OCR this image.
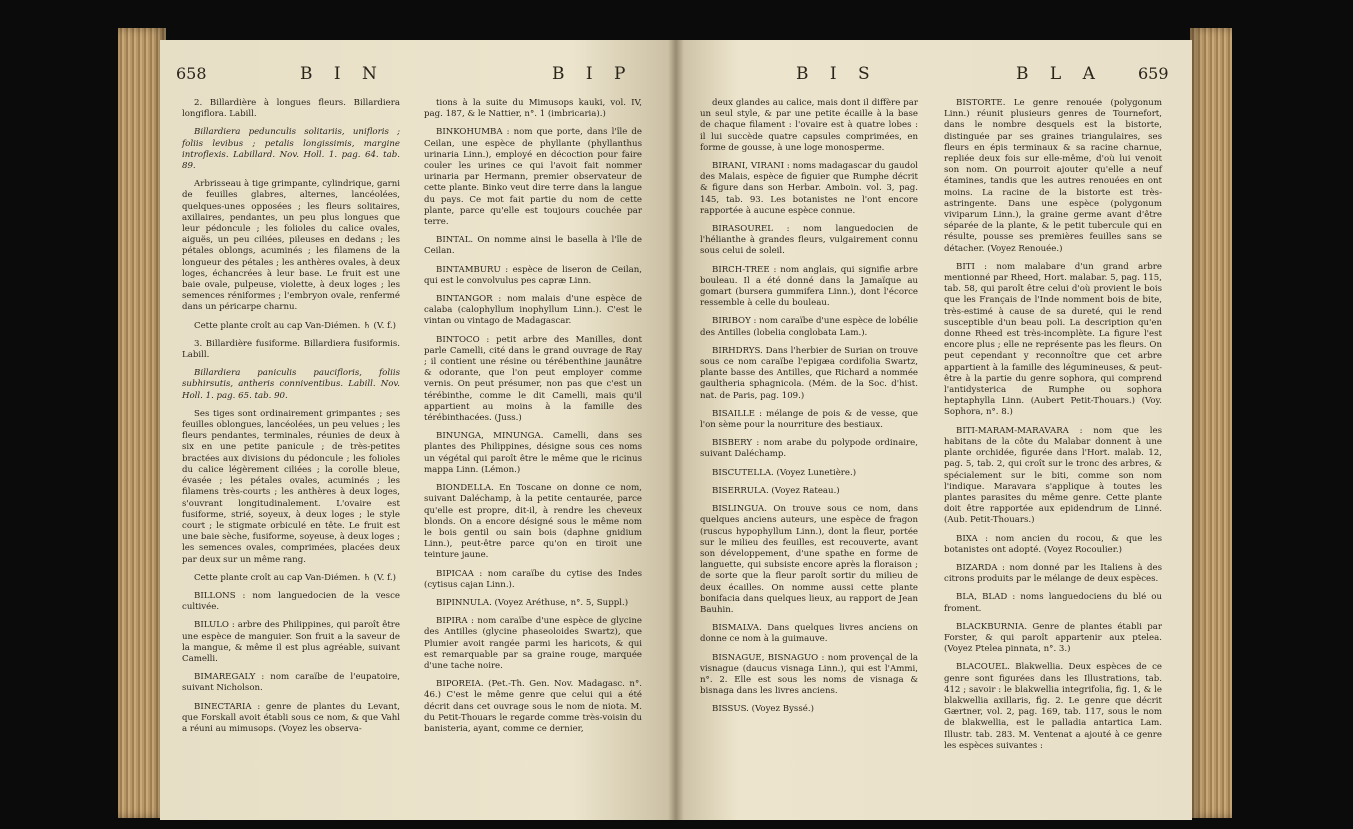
658	B I N	B I P

2. Billardière à longues fleurs. Billardiera longiflora. Labill.

Billardiera pedunculis solitariis, unifloris ; foliis levibus ; petalis longissimis, margine introflexis. Labillard. Nov. Holl. 1. pag. 64. tab. 89.

Arbrisseau à tige grimpante, cylindrique, garni de feuilles glabres, alternes, lancéolées, quelques-unes opposées ; les fleurs solitaires, axillaires, pendantes, un peu plus longues que leur pédoncule ; les folioles du calice ovales, aiguës, un peu ciliées, pileuses en dedans ; les pétales oblongs, acuminés ; les filamens de la longueur des pétales ; les anthères ovales, à deux loges, échancrées à leur base. Le fruit est une baie ovale, pulpeuse, violette, à deux loges ; les semences réniformes ; l'embryon ovale, renfermé dans un péricarpe charnu.

Cette plante croît au cap Van-Diémen. ♄ (V. f.)

3. Billardière fusiforme. Billardiera fusiformis. Labill.

Billardiera paniculis paucifloris, foliis subhirsutis, antheris conniventibus. Labill. Nov. Holl. 1. pag. 65. tab. 90.

Ses tiges sont ordinairement grimpantes ; ses feuilles oblongues, lancéolées, un peu velues ; les fleurs pendantes, terminales, réunies de deux à six en une petite panicule ; de très-petites bractées aux divisions du pédoncule ; les folioles du calice légèrement ciliées ; la corolle bleue, évasée ; les pétales ovales, acuminés ; les filamens très-courts ; les anthères à deux loges, s'ouvrant longitudinalement. L'ovaire est fusiforme, strié, soyeux, à deux loges ; le style court ; le stigmate orbiculé en tête. Le fruit est une baie sèche, fusiforme, soyeuse, à deux loges ; les semences ovales, comprimées, placées deux par deux sur un même rang.

Cette plante croît au cap Van-Diémen. ♄ (V. f.)

BILLONS : nom languedocien de la vesce cultivée.

BILULO : arbre des Philippines, qui paroît être une espèce de manguier. Son fruit a la saveur de la mangue, & même il est plus agréable, suivant Camelli.

BIMAREGALY : nom caraïbe de l'eupatoire, suivant Nicholson.

BINECTARIA : genre de plantes du Levant, que Forskall avoit établi sous ce nom, & que Vahl a réuni au mimusops. (Voyez les observa-

tions à la suite du Mimusops kauki, vol. IV, pag. 187, & le Nattier, n°. 1 (imbricaria).)

BINKOHUMBA : nom que porte, dans l'île de Ceilan, une espèce de phyllante (phyllanthus urinaria Linn.), employé en décoction pour faire couler les urines ce qui l'avoit fait nommer urinaria par Hermann, premier observateur de cette plante. Binko veut dire terre dans la langue du pays. Ce mot fait partie du nom de cette plante, parce qu'elle est toujours couchée par terre.

BINTAL. On nomme ainsi le basella à l'île de Ceilan.

BINTAMBURU : espèce de liseron de Ceilan, qui est le convolvulus pes capræ Linn.

BINTANGOR : nom malais d'une espèce de calaba (calophyllum inophyllum Linn.). C'est le vintan ou vintago de Madagascar.

BINTOCO : petit arbre des Manilles, dont parle Camelli, cité dans le grand ouvrage de Ray ; il contient une résine ou térébenthine jaunâtre & odorante, que l'on peut employer comme vernis. On peut présumer, non pas que c'est un térébinthe, comme le dit Camelli, mais qu'il appartient au moins à la famille des térébinthacées. (Juss.)

BINUNGA, MINUNGA. Camelli, dans ses plantes des Philippines, désigne sous ces noms un végétal qui paroît être le même que le ricinus mappa Linn. (Lémon.)

BIONDELLA. En Toscane on donne ce nom, suivant Daléchamp, à la petite centaurée, parce qu'elle est propre, dit-il, à rendre les cheveux blonds. On a encore désigné sous le même nom le bois gentil ou sain bois (daphne gnidium Linn.), peut-être parce qu'on en tiroit une teinture jaune.

BIPICAA : nom caraïbe du cytise des Indes (cytisus cajan Linn.).

BIPINNULA. (Voyez Aréthuse, n°. 5, Suppl.)

BIPIRA : nom caraïbe d'une espèce de glycine des Antilles (glycine phaseoloides Swartz), que Plumier avoit rangée parmi les haricots, & qui est remarquable par sa graine rouge, marquée d'une tache noire.

BIPOREIA. (Pet.-Th. Gen. Nov. Madagasc. n°. 46.) C'est le même genre que celui qui a été décrit dans cet ouvrage sous le nom de niota. M. du Petit-Thouars le regarde comme très-voisin du banisteria, ayant, comme ce dernier,

B I S	B L A 659

deux glandes au calice, mais dont il diffère par un seul style, & par une petite écaille à la base de chaque filament : l'ovaire est à quatre lobes : il lui succède quatre capsules comprimées, en forme de gousse, à une loge monosperme.

BIRANI, VIRANI : noms madagascar du gaudol des Malais, espèce de figuier que Rumphe décrit & figure dans son Herbar. Amboin. vol. 3, pag. 145, tab. 93. Les botanistes ne l'ont encore rapportée à aucune espèce connue.

BIRASOUREL : nom languedocien de l'hélianthe à grandes fleurs, vulgairement connu sous celui de soleil.

BIRCH-TREE : nom anglais, qui signifie arbre bouleau. Il a été donné dans la Jamaïque au gomart (bursera gummifera Linn.), dont l'écorce ressemble à celle du bouleau.

BIRIBOY : nom caraïbe d'une espèce de lobélie des Antilles (lobelia conglobata Lam.).

BIRHDRYS. Dans l'herbier de Surian on trouve sous ce nom caraïbe l'epigæa cordifolia Swartz, plante basse des Antilles, que Richard a nommée gaultheria sphagnicola. (Mém. de la Soc. d'hist. nat. de Paris, pag. 109.)

BISAILLE : mélange de pois & de vesse, que l'on sème pour la nourriture des bestiaux.

BISBERY : nom arabe du polypode ordinaire, suivant Daléchamp.

BISCUTELLA. (Voyez Lunetière.)

BISERRULA. (Voyez Rateau.)

BISLINGUA. On trouve sous ce nom, dans quelques anciens auteurs, une espèce de fragon (ruscus hypophyllum Linn.), dont la fleur, portée sur le milieu des feuilles, est recouverte, avant son développement, d'une spathe en forme de languette, qui subsiste encore après la floraison ; de sorte que la fleur paroît sortir du milieu de deux écailles. On nomme aussi cette plante bonifacia dans quelques lieux, au rapport de Jean Bauhin.

BISMALVA. Dans quelques livres anciens on donne ce nom à la guimauve.

BISNAGUE, BISNAGUO : nom provençal de la visnague (daucus visnaga Linn.), qui est l'Ammi, n°. 2. Elle est sous les noms de visnaga & bisnaga dans les livres anciens.

BISSUS. (Voyez Byssé.)

BISTORTE. Le genre renouée (polygonum Linn.) réunit plusieurs genres de Tournefort, dans le nombre desquels est la bistorte, distinguée par ses graines triangulaires, ses fleurs en épis terminaux & sa racine charnue, repliée deux fois sur elle-même, d'où lui venoit son nom. On pourroit ajouter qu'elle a neuf étamines, tandis que les autres renouées en ont moins. La racine de la bistorte est très-astringente. Dans une espèce (polygonum viviparum Linn.), la graine germe avant d'être séparée de la plante, & le petit tubercule qui en résulte, pousse ses premières feuilles sans se détacher. (Voyez Renouée.)

BITI : nom malabare d'un grand arbre mentionné par Rheed, Hort. malabar. 5, pag. 115, tab. 58, qui paroît être celui d'où provient le bois que les Français de l'Inde nomment bois de bite, très-estimé à cause de sa dureté, qui le rend susceptible d'un beau poli. La description qu'en donne Rheed est très-incomplète. La figure l'est encore plus ; elle ne représente pas les fleurs. On peut cependant y reconnoître que cet arbre appartient à la famille des légumineuses, & peut-être à la partie du genre sophora, qui comprend l'antidysterica de Rumphe ou sophora heptaphylla Linn. (Aubert Petit-Thouars.) (Voy. Sophora, n°. 8.)

BITI-MARAM-MARAVARA : nom que les habitans de la côte du Malabar donnent à une plante orchidée, figurée dans l'Hort. malab. 12, pag. 5, tab. 2, qui croît sur le tronc des arbres, & spécialement sur le biti, comme son nom l'indique. Maravara s'applique à toutes les plantes parasites du même genre. Cette plante doit être rapportée aux epidendrum de Linné. (Aub. Petit-Thouars.)

BIXA : nom ancien du rocou, & que les botanistes ont adopté. (Voyez Rocoulier.)

BIZARDA : nom donné par les Italiens à des citrons produits par le mélange de deux espèces.

BLA, BLAD : noms languedociens du blé ou froment.

BLACKBURNIA. Genre de plantes établi par Forster, & qui paroît appartenir aux ptelea. (Voyez Ptelea pinnata, n°. 3.)

BLACOUEL. Blakwellia. Deux espèces de ce genre sont figurées dans les Illustrations, tab. 412 ; savoir : le blakwellia integrifolia, fig. 1, & le blakwellia axillaris, fig. 2. Le genre que décrit Gærtner, vol. 2, pag. 169, tab. 117, sous le nom de blakwellia, est le palladia antartica Lam. Illustr. tab. 283. M. Ventenat a ajouté à ce genre les espèces suivantes :
